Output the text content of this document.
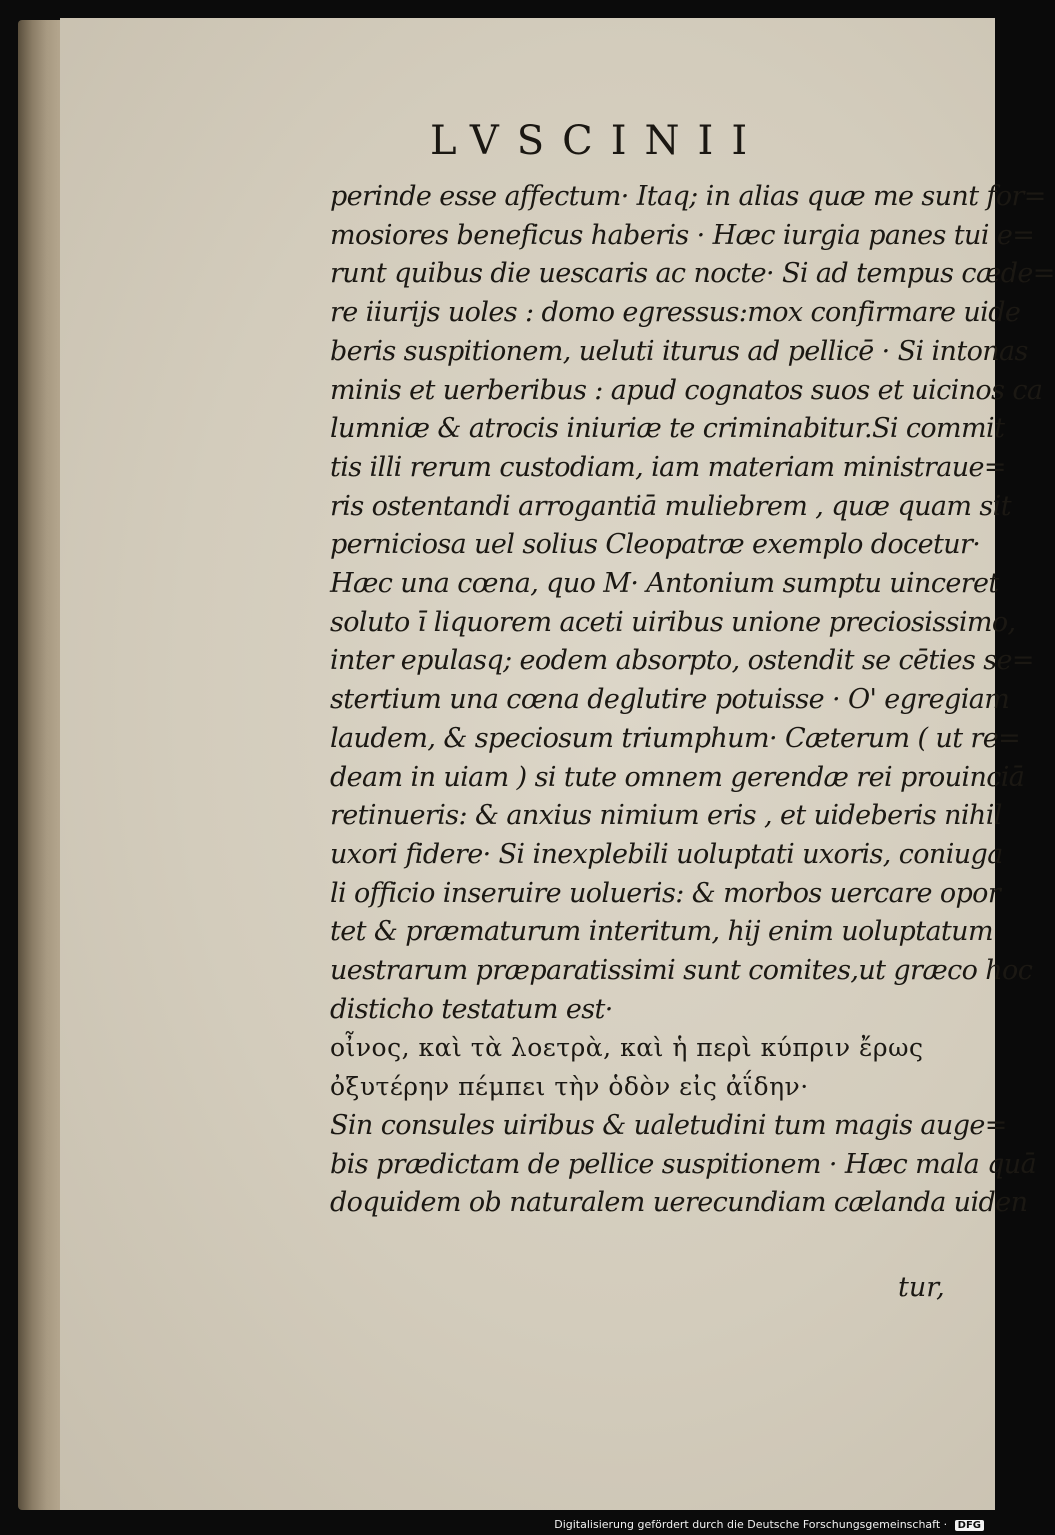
LVSCINII
perinde esse affectum· Itaq; in alias quæ me sunt for=
mosiores beneficus haberis · Hæc iurgia panes tui e=
runt quibus die uescaris ac nocte· Si ad tempus cæde=
re iiurijs uoles : domo egressus:mox confirmare uide
beris suspitionem, ueluti iturus ad pellicē · Si intonas
minis et uerberibus : apud cognatos suos et uicinos ca
lumniæ & atrocis iniuriæ te criminabitur.Si commit
tis illi rerum custodiam, iam materiam ministraue=
ris ostentandi arrogantiā muliebrem , quæ quam sit
perniciosa uel solius Cleopatræ exemplo docetur·
Hæc una cœna, quo M· Antonium sumptu uinceret
soluto ī liquorem aceti uiribus unione preciosissimo,
inter epulasq; eodem absorpto, ostendit se cēties se=
stertium una cœna deglutire potuisse · O' egregiam
laudem, & speciosum triumphum· Cæterum ( ut re=
deam in uiam ) si tute omnem gerendæ rei prouinciā
retinueris: & anxius nimium eris , et uideberis nihil
uxori fidere· Si inexplebili uoluptati uxoris, coniuga
li officio inseruire uolueris: & morbos uercare opor
tet & præmaturum interitum, hij enim uoluptatum
uestrarum præparatissimi sunt comites,ut græco hoc
distichο testatum est·
οἶνος, καὶ τὰ λοετρὰ, καὶ ἡ περὶ κύπριν ἔρως
ὀξυτέρην πέμπει τὴν ὁδὸν εἰς ἀΐδην·
Sin consules uiribus & ualetudini tum magis auge=
bis prædictam de pellice suspitionem · Hæc mala quā
doquidem ob naturalem uerecundiam cælanda uiden
tur,
Digitalisierung gefördert durch die Deutsche Forschungsgemeinschaft · DFG
